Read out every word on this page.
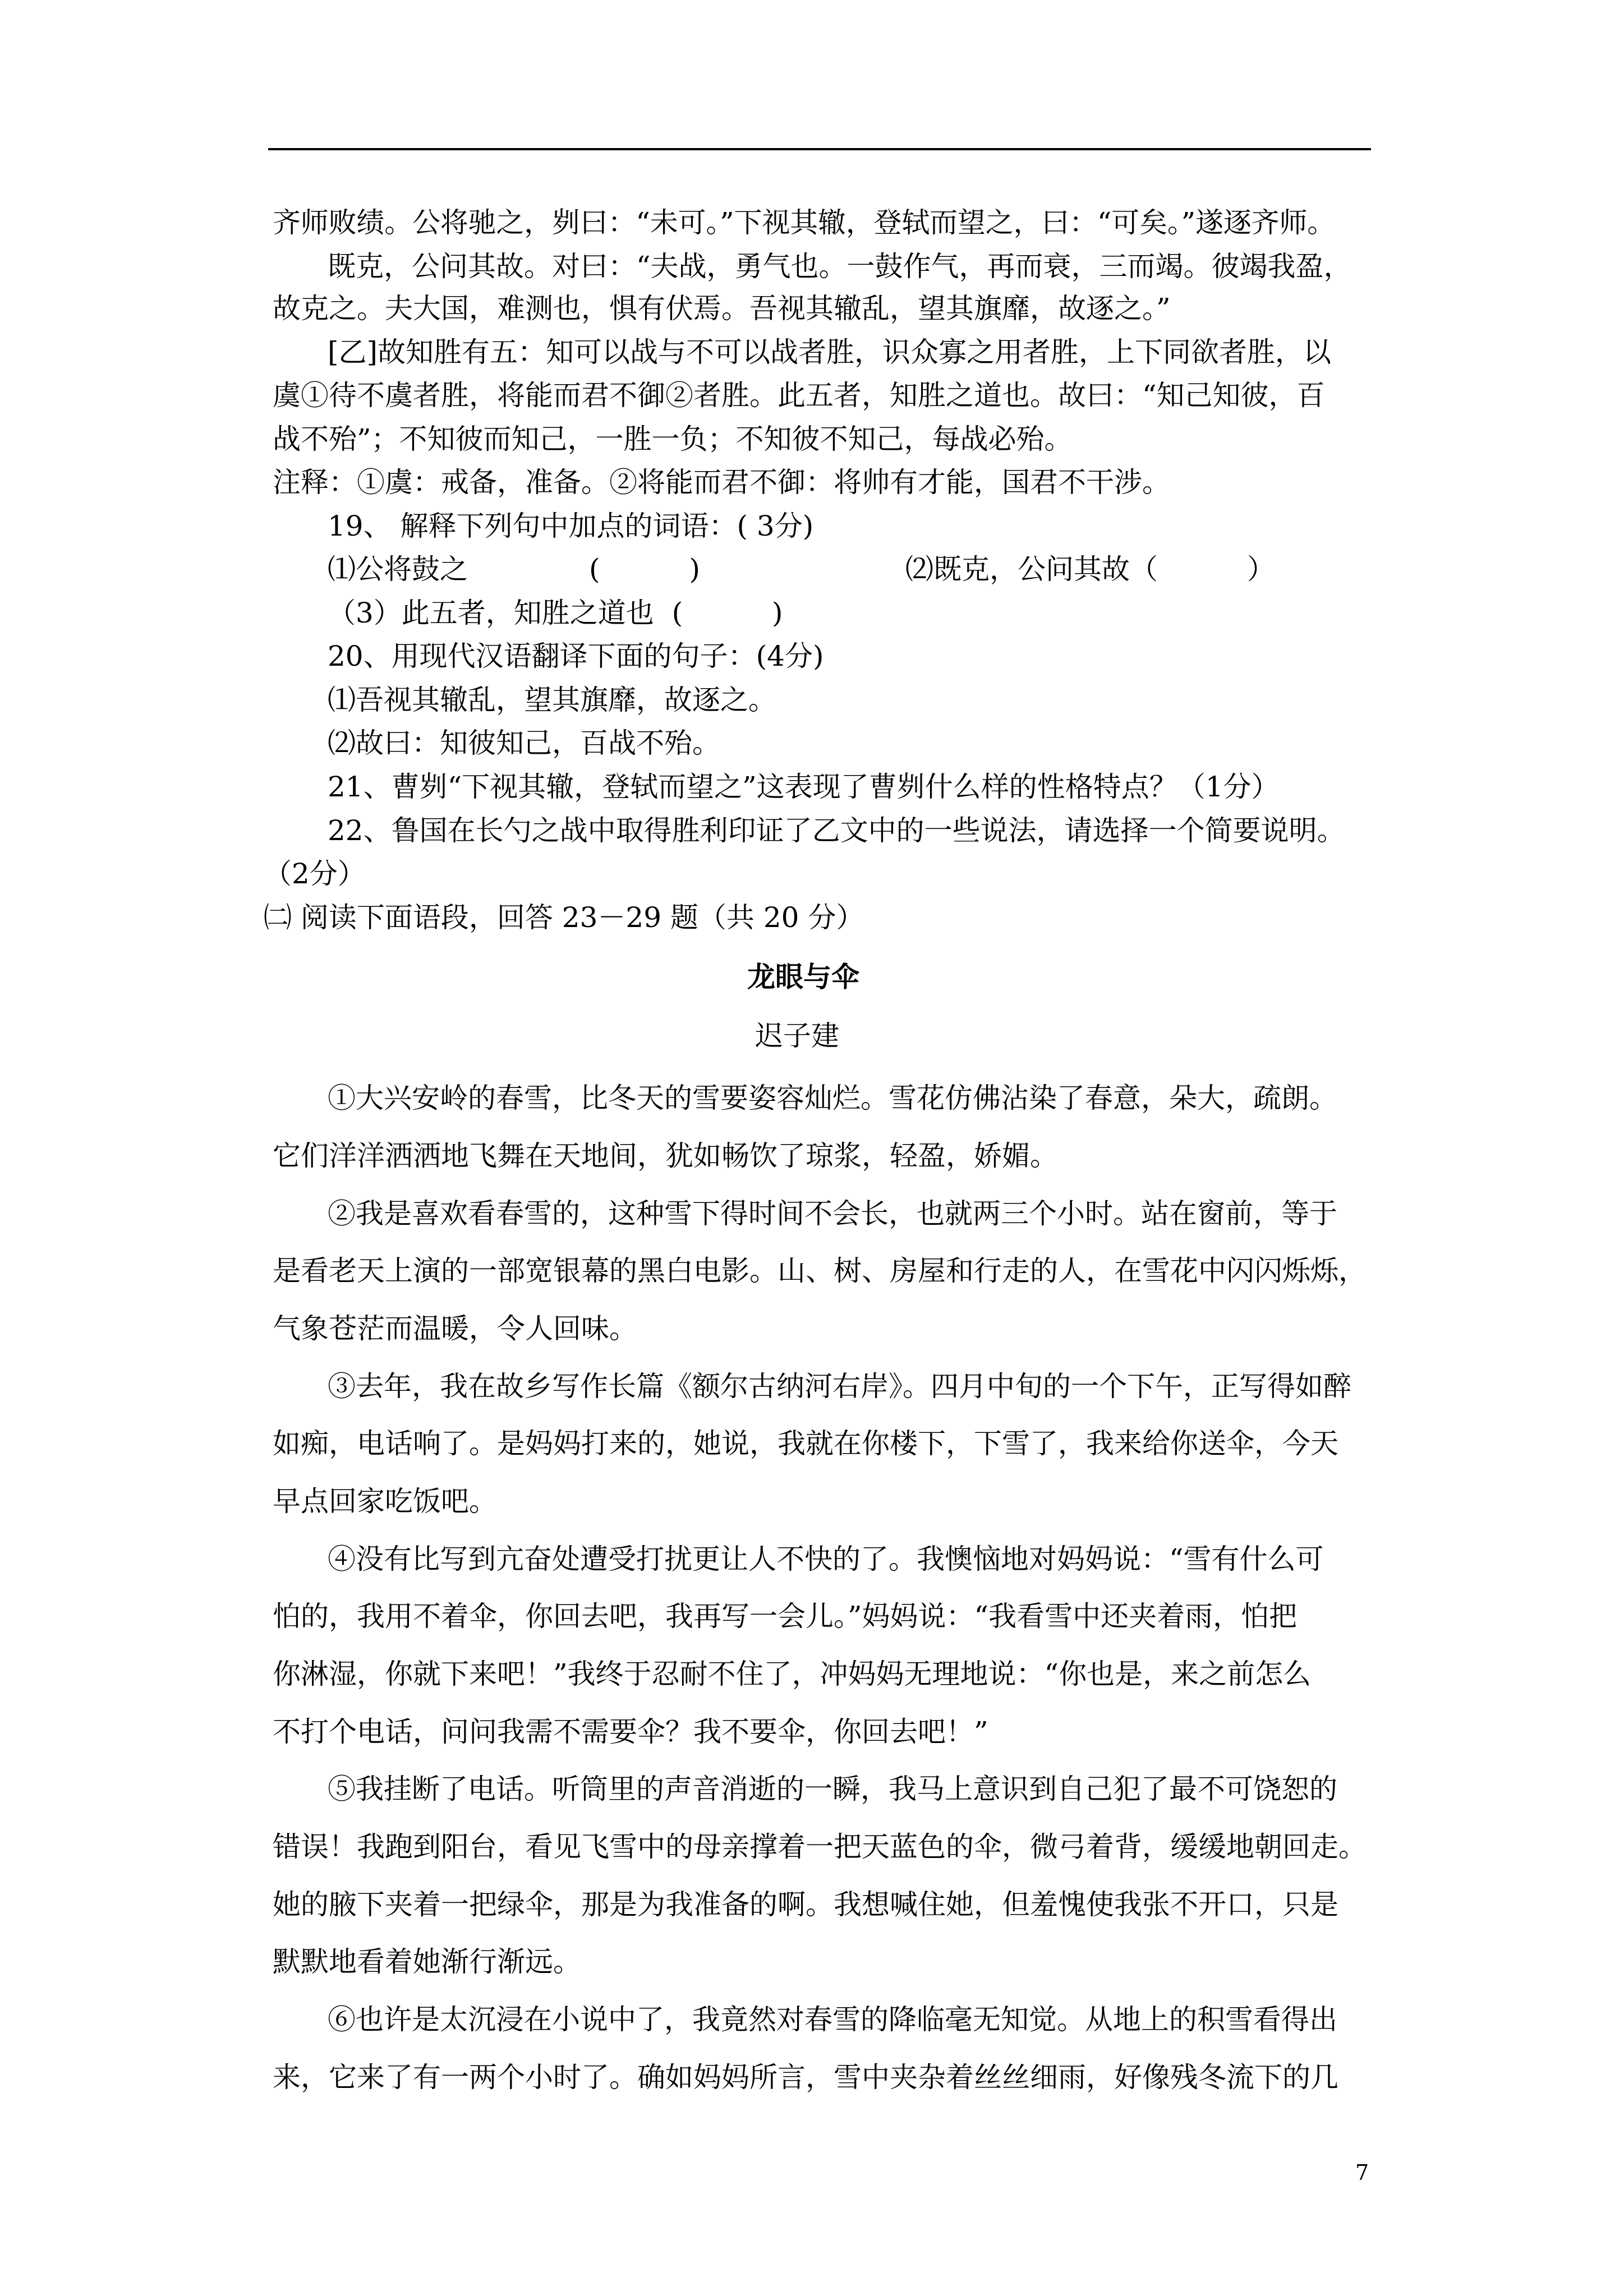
齐师败绩。公将驰之，刿曰：“未可。”下视其辙，登轼而望之，曰：“可矣。”遂逐齐师。
既克，公问其故。对曰：“夫战，勇气也。一鼓作气，再而衰，三而竭。彼竭我盈，
故克之。夫大国，难测也，惧有伏焉。吾视其辙乱，望其旗靡，故逐之。”
[乙]故知胜有五：知可以战与不可以战者胜，识众寡之用者胜，上下同欲者胜，以
虞①待不虞者胜，将能而君不御②者胜。此五者，知胜之道也。故曰：“知己知彼，百
战不殆”；不知彼而知己，一胜一负；不知彼不知己，每战必殆。
注释：①虞：戒备，准备。②将能而君不御：将帅有才能，国君不干涉。
19、 解释下列句中加点的词语：( 3分)
⑴公将鼓之	(          )	⑵既克，公问其故（          ）
（3）此五者，知胜之道也  (          )
20、用现代汉语翻译下面的句子：(4分)
⑴吾视其辙乱，望其旗靡，故逐之。
⑵故曰：知彼知己，百战不殆。
21、曹刿“下视其辙，登轼而望之”这表现了曹刿什么样的性格特点？（1分）
22、鲁国在长勺之战中取得胜利印证了乙文中的一些说法，请选择一个简要说明。
（2分）
㈡ 阅读下面语段，回答 23－29 题（共 20 分）
龙眼与伞
迟子建
①大兴安岭的春雪，比冬天的雪要姿容灿烂。雪花仿佛沾染了春意，朵大，疏朗。
它们洋洋洒洒地飞舞在天地间，犹如畅饮了琼浆，轻盈，娇媚。
②我是喜欢看春雪的，这种雪下得时间不会长，也就两三个小时。站在窗前，等于
是看老天上演的一部宽银幕的黑白电影。山、树、房屋和行走的人，在雪花中闪闪烁烁，
气象苍茫而温暖，令人回味。
③去年，我在故乡写作长篇《额尔古纳河右岸》。四月中旬的一个下午，正写得如醉
如痴，电话响了。是妈妈打来的，她说，我就在你楼下，下雪了，我来给你送伞，今天
早点回家吃饭吧。
④没有比写到亢奋处遭受打扰更让人不快的了。我懊恼地对妈妈说：“雪有什么可
怕的，我用不着伞，你回去吧，我再写一会儿。”妈妈说：“我看雪中还夹着雨，怕把
你淋湿，你就下来吧！”我终于忍耐不住了，冲妈妈无理地说：“你也是，来之前怎么
不打个电话，问问我需不需要伞？我不要伞，你回去吧！”
⑤我挂断了电话。听筒里的声音消逝的一瞬，我马上意识到自己犯了最不可饶恕的
错误！我跑到阳台，看见飞雪中的母亲撑着一把天蓝色的伞，微弓着背，缓缓地朝回走。
她的腋下夹着一把绿伞，那是为我准备的啊。我想喊住她，但羞愧使我张不开口，只是
默默地看着她渐行渐远。
⑥也许是太沉浸在小说中了，我竟然对春雪的降临毫无知觉。从地上的积雪看得出
来，它来了有一两个小时了。确如妈妈所言，雪中夹杂着丝丝细雨，好像残冬流下的几
7
